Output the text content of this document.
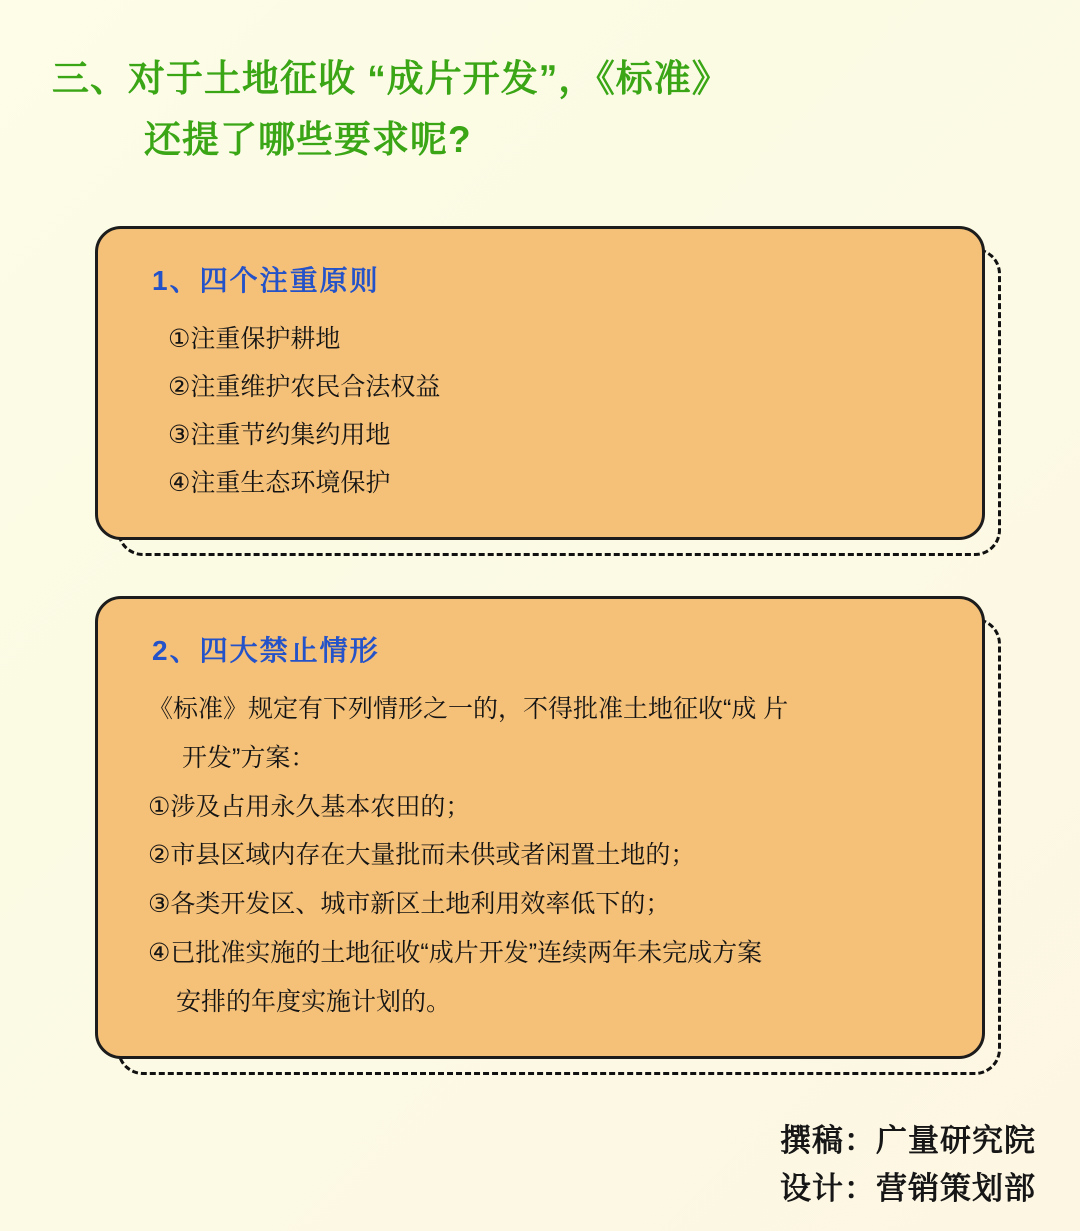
三、对于土地征收 “成片开发”，《标准》
还提了哪些要求呢?
1、四个注重原则
①注重保护耕地
②注重维护农民合法权益
③注重节约集约用地
④注重生态环境保护
2、四大禁止情形
《标准》规定有下列情形之一的，不得批准土地征收“成 片
开发”方案：
①涉及占用永久基本农田的；
②市县区域内存在大量批而未供或者闲置土地的；
③各类开发区、城市新区土地利用效率低下的；
④已批准实施的土地征收“成片开发”连续两年未完成方案
安排的年度实施计划的。
撰稿：广量研究院
设计：营销策划部
